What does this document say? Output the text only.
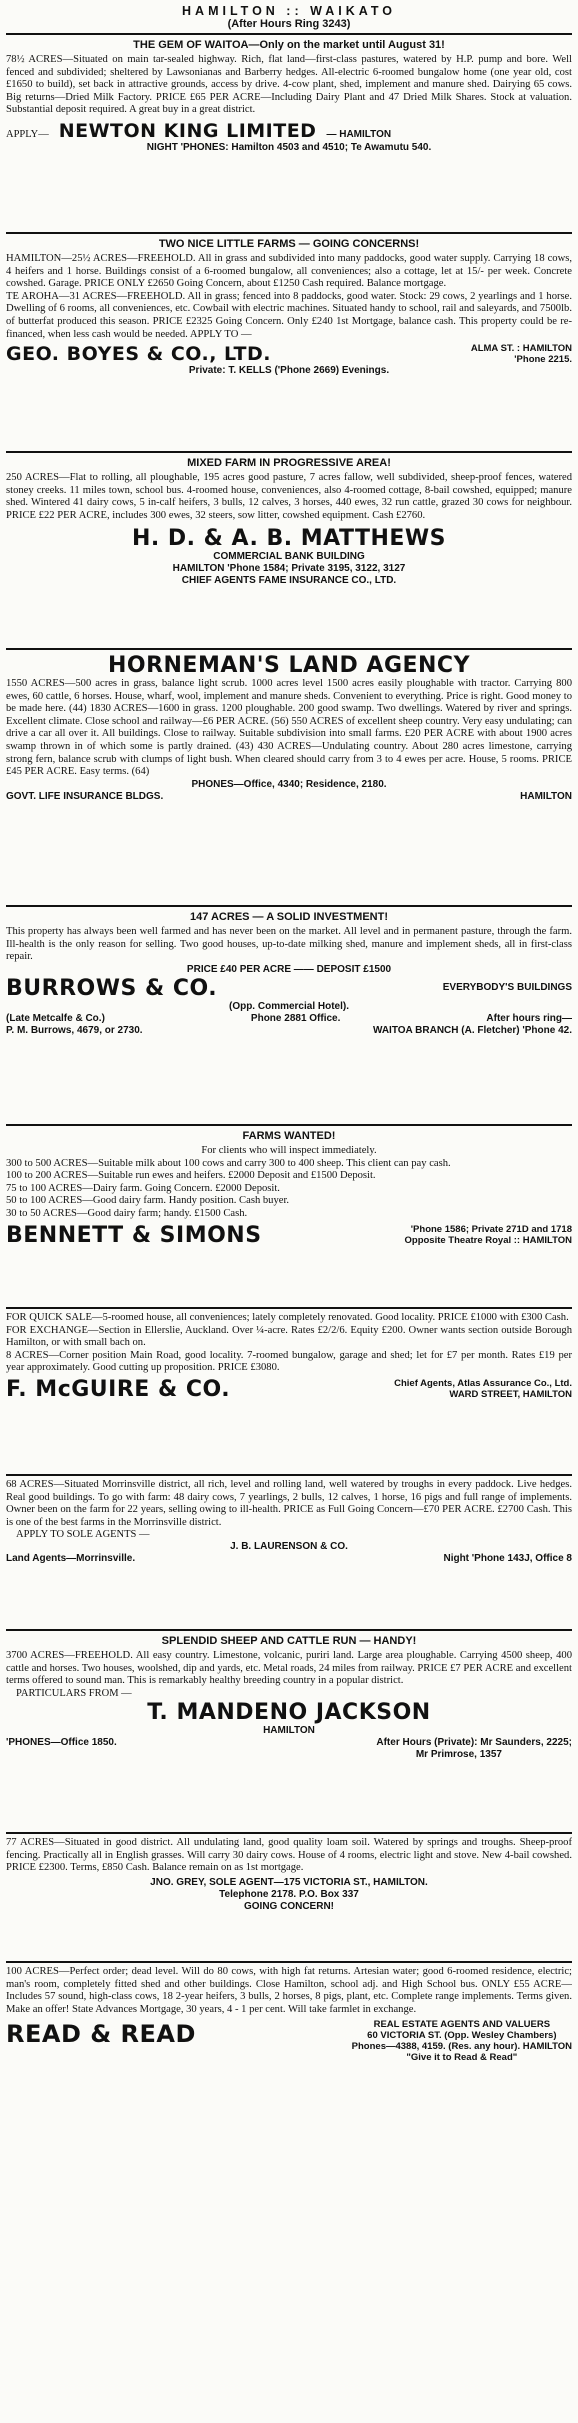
HAMILTON :: WAIKATO
(After Hours Ring 3243)
THE GEM OF WAITOA—Only on the market until August 31!
78½ ACRES—Situated on main tar-sealed highway. Rich, flat land—first-class pastures, watered by H.P. pump and bore. Well fenced and subdivided; sheltered by Lawsonianas and Barberry hedges. All-electric 6-roomed bungalow home (one year old, cost £1650 to build), set back in attractive grounds, access by drive. 4-cow plant, shed, implement and manure shed. Dairying 65 cows. Big returns—Dried Milk Factory. PRICE £65 PER ACRE—Including Dairy Plant and 47 Dried Milk Shares. Stock at valuation. Substantial deposit required. A great buy in a great district.
APPLY— NEWTON KING LIMITED — HAMILTON
NIGHT 'PHONES: Hamilton 4503 and 4510; Te Awamutu 540.
TWO NICE LITTLE FARMS — GOING CONCERNS!
HAMILTON—25½ ACRES—FREEHOLD. All in grass and subdivided into many paddocks, good water supply. Carrying 18 cows, 4 heifers and 1 horse. Buildings consist of a 6-roomed bungalow, all conveniences; also a cottage, let at 15/- per week. Concrete cowshed. Garage. PRICE ONLY £2650 Going Concern, about £1250 Cash required. Balance mortgage.
TE AROHA—31 ACRES—FREEHOLD. All in grass; fenced into 8 paddocks, good water. Stock: 29 cows, 2 yearlings and 1 horse. Dwelling of 6 rooms, all conveniences, etc. Cowbail with electric machines. Situated handy to school, rail and saleyards, and 7500lb. of butterfat produced this season. PRICE £2325 Going Concern. Only £240 1st Mortgage, balance cash. This property could be re-financed, when less cash would be needed. APPLY TO —
GEO. BOYES & CO., LTD.	ALMA ST. : HAMILTON
'Phone 2215.
Private: T. KELLS ('Phone 2669) Evenings.
MIXED FARM IN PROGRESSIVE AREA!
250 ACRES—Flat to rolling, all ploughable, 195 acres good pasture, 7 acres fallow, well subdivided, sheep-proof fences, watered stoney creeks. 11 miles town, school bus. 4-roomed house, conveniences, also 4-roomed cottage, 8-bail cowshed, equipped; manure shed. Wintered 41 dairy cows, 5 in-calf heifers, 3 bulls, 12 calves, 3 horses, 440 ewes, 32 run cattle, grazed 30 cows for neighbour. PRICE £22 PER ACRE, includes 300 ewes, 32 steers, sow litter, cowshed equipment. Cash £2760.
H. D. & A. B. MATTHEWS
COMMERCIAL BANK BUILDING
HAMILTON 'Phone 1584; Private 3195, 3122, 3127
CHIEF AGENTS FAME INSURANCE CO., LTD.
HORNEMAN'S LAND AGENCY
1550 ACRES—500 acres in grass, balance light scrub. 1000 acres level 1500 acres easily ploughable with tractor. Carrying 800 ewes, 60 cattle, 6 horses. House, wharf, wool, implement and manure sheds. Convenient to everything. Price is right. Good money to be made here. (44) 1830 ACRES—1600 in grass. 1200 ploughable. 200 good swamp. Two dwellings. Watered by river and springs. Excellent climate. Close school and railway—£6 PER ACRE. (56) 550 ACRES of excellent sheep country. Very easy undulating; can drive a car all over it. All buildings. Close to railway. Suitable subdivision into small farms. £20 PER ACRE with about 1900 acres swamp thrown in of which some is partly drained. (43) 430 ACRES—Undulating country. About 280 acres limestone, carrying strong fern, balance scrub with clumps of light bush. When cleared should carry from 3 to 4 ewes per acre. House, 5 rooms. PRICE £45 PER ACRE. Easy terms. (64)
PHONES—Office, 4340; Residence, 2180.
GOVT. LIFE INSURANCE BLDGS.	HAMILTON
147 ACRES — A SOLID INVESTMENT!
This property has always been well farmed and has never been on the market. All level and in permanent pasture, through the farm. Ill-health is the only reason for selling. Two good houses, up-to-date milking shed, manure and implement sheds, all in first-class repair.
PRICE £40 PER ACRE —— DEPOSIT £1500
BURROWS & CO.	EVERYBODY'S BUILDINGS
(Opp. Commercial Hotel).
(Late Metcalfe & Co.)	Phone 2881 Office.	After hours ring—
P. M. Burrows, 4679, or 2730.	WAITOA BRANCH (A. Fletcher) 'Phone 42.
FARMS WANTED!
For clients who will inspect immediately.
300 to 500 ACRES—Suitable milk about 100 cows and carry 300 to 400 sheep. This client can pay cash.
100 to 200 ACRES—Suitable run ewes and heifers. £2000 Deposit and £1500 Deposit.
75 to 100 ACRES—Dairy farm. Going Concern. £2000 Deposit.
50 to 100 ACRES—Good dairy farm. Handy position. Cash buyer.
30 to 50 ACRES—Good dairy farm; handy. £1500 Cash.
BENNETT & SIMONS	'Phone 1586; Private 271D and 1718
Opposite Theatre Royal :: HAMILTON
FOR QUICK SALE—5-roomed house, all conveniences; lately completely renovated. Good locality. PRICE £1000 with £300 Cash.
FOR EXCHANGE—Section in Ellerslie, Auckland. Over ¼-acre. Rates £2/2/6. Equity £200. Owner wants section outside Borough Hamilton, or with small bach on.
8 ACRES—Corner position Main Road, good locality. 7-roomed bungalow, garage and shed; let for £7 per month. Rates £19 per year approximately. Good cutting up proposition. PRICE £3080.
F. McGUIRE & CO.	Chief Agents, Atlas Assurance Co., Ltd.
WARD STREET, HAMILTON
68 ACRES—Situated Morrinsville district, all rich, level and rolling land, well watered by troughs in every paddock. Live hedges. Real good buildings. To go with farm: 48 dairy cows, 7 yearlings, 2 bulls, 12 calves, 1 horse, 16 pigs and full range of implements. Owner been on the farm for 22 years, selling owing to ill-health. PRICE as Full Going Concern—£70 PER ACRE. £2700 Cash. This is one of the best farms in the Morrinsville district.
APPLY TO SOLE AGENTS —
J. B. LAURENSON & CO.
Land Agents—Morrinsville.	Night 'Phone 143J, Office 8
SPLENDID SHEEP AND CATTLE RUN — HANDY!
3700 ACRES—FREEHOLD. All easy country. Limestone, volcanic, puriri land. Large area ploughable. Carrying 4500 sheep, 400 cattle and horses. Two houses, woolshed, dip and yards, etc. Metal roads, 24 miles from railway. PRICE £7 PER ACRE and excellent terms offered to sound man. This is remarkably healthy breeding country in a popular district.
PARTICULARS FROM —
T. MANDENO JACKSON
HAMILTON
'PHONES—Office 1850.	After Hours (Private): Mr Saunders, 2225;
Mr Primrose, 1357
77 ACRES—Situated in good district. All undulating land, good quality loam soil. Watered by springs and troughs. Sheep-proof fencing. Practically all in English grasses. Will carry 30 dairy cows. House of 4 rooms, electric light and stove. New 4-bail cowshed. PRICE £2300. Terms, £850 Cash. Balance remain on as 1st mortgage.
JNO. GREY, SOLE AGENT—175 VICTORIA ST., HAMILTON.
Telephone 2178. P.O. Box 337
GOING CONCERN!
100 ACRES—Perfect order; dead level. Will do 80 cows, with high fat returns. Artesian water; good 6-roomed residence, electric; man's room, completely fitted shed and other buildings. Close Hamilton, school adj. and High School bus. ONLY £55 ACRE—Includes 57 sound, high-class cows, 18 2-year heifers, 3 bulls, 2 horses, 8 pigs, plant, etc. Complete range implements. Terms given. Make an offer! State Advances Mortgage, 30 years, 4 - 1 per cent. Will take farmlet in exchange.
READ & READ	REAL ESTATE AGENTS AND VALUERS
60 VICTORIA ST. (Opp. Wesley Chambers)
Phones—4388, 4159. (Res. any hour). HAMILTON
"Give it to Read & Read"
